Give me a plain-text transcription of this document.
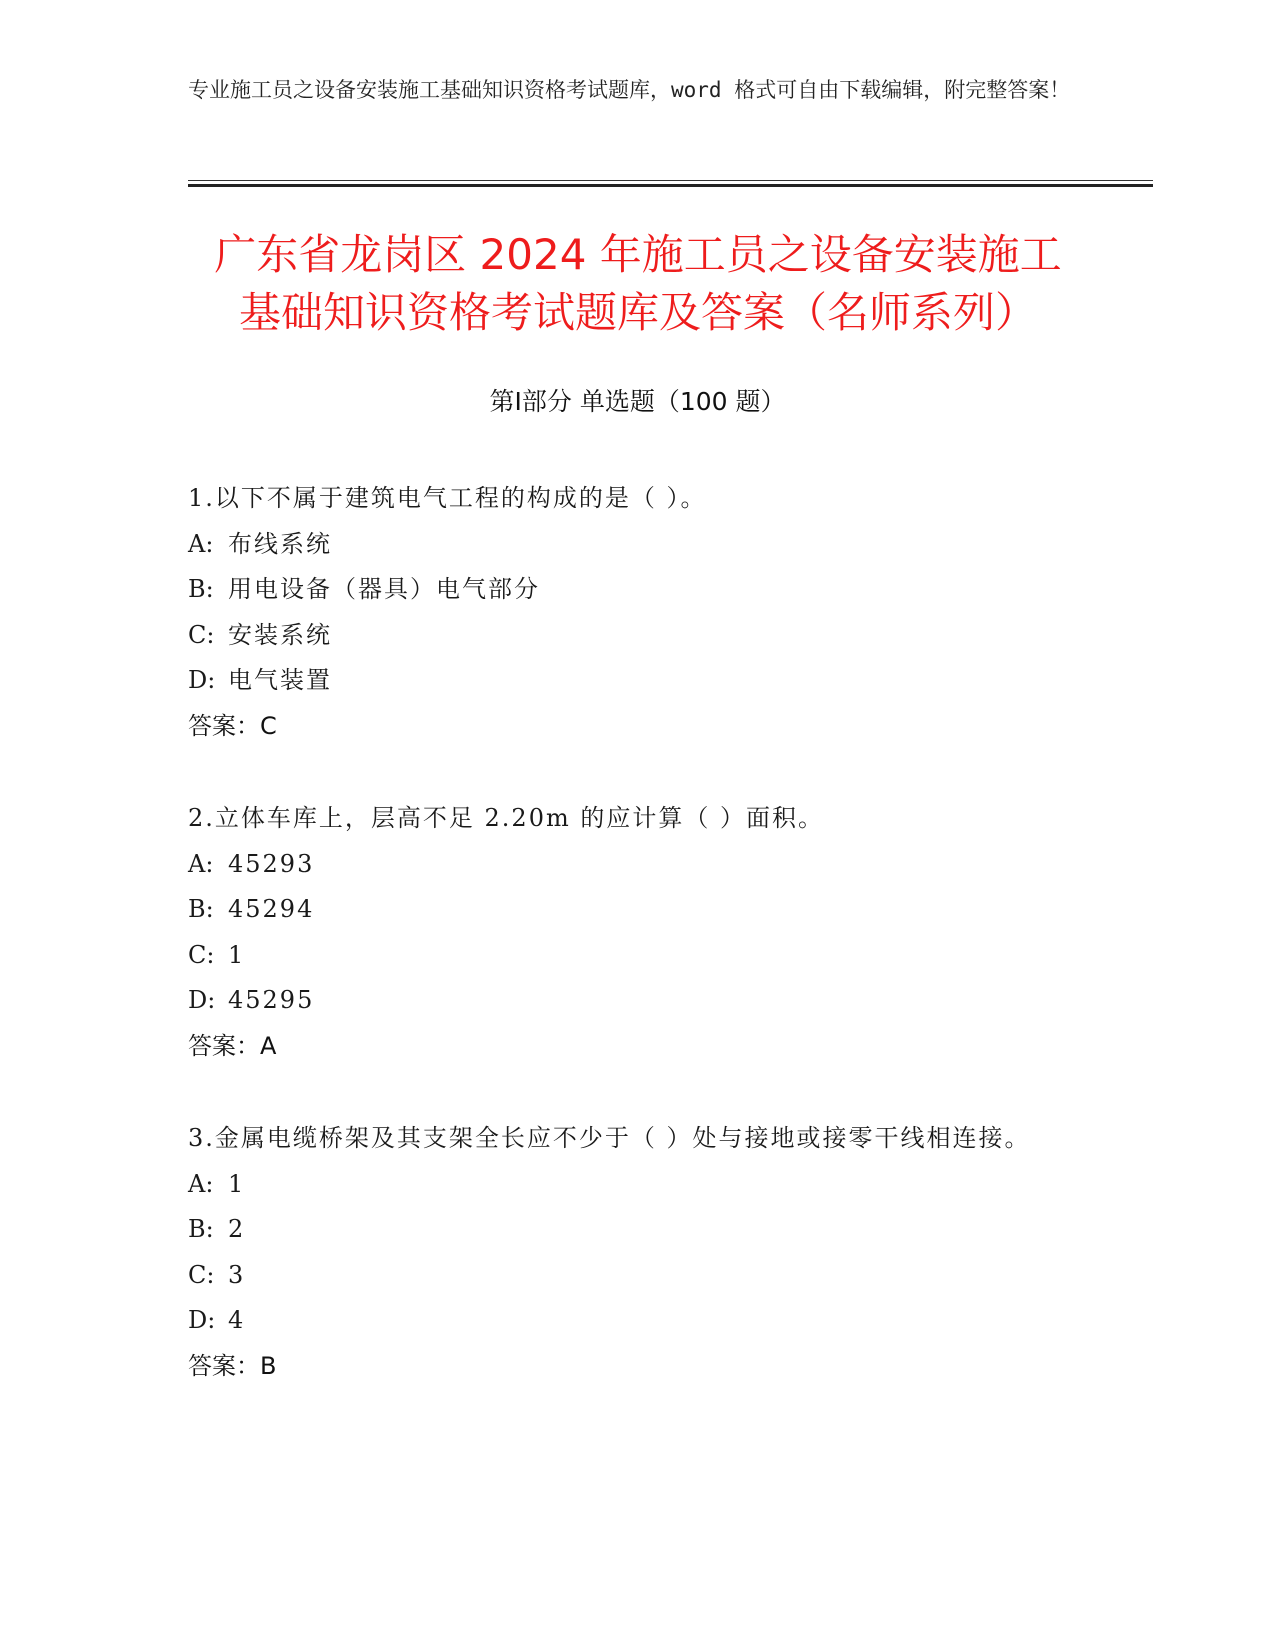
专业施工员之设备安装施工基础知识资格考试题库，word 格式可自由下载编辑，附完整答案！
广东省龙岗区 2024 年施工员之设备安装施工
基础知识资格考试题库及答案（名师系列）
第Ⅰ部分 单选题（100 题）
1.以下不属于建筑电气工程的构成的是（ ）。
A: 布线系统
B: 用电设备（器具）电气部分
C: 安装系统
D: 电气装置
答案：C
2.立体车库上，层高不足 2.20m 的应计算（ ）面积。
A: 45293
B: 45294
C: 1
D: 45295
答案：A
3.金属电缆桥架及其支架全长应不少于（ ）处与接地或接零干线相连接。
A: 1
B: 2
C: 3
D: 4
答案：B
